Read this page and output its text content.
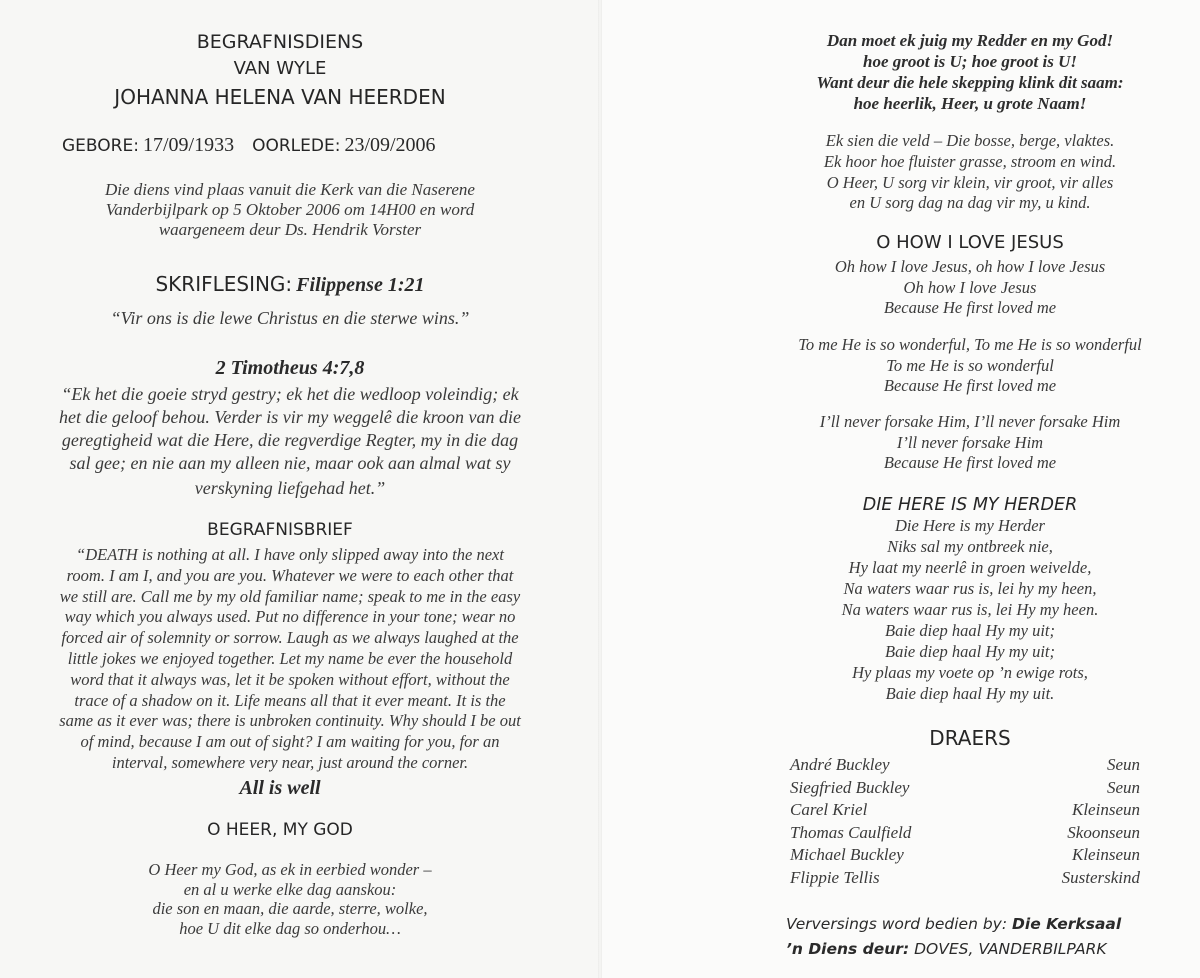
BEGRAFNISDIENS
VAN WYLE
JOHANNA HELENA VAN HEERDEN
GEBORE: 17/09/1933 OORLEDE: 23/09/2006
Die diens vind plaas vanuit die Kerk van die Naserene
Vanderbijlpark op 5 Oktober 2006 om 14H00 en word
waargeneem deur Ds. Hendrik Vorster
SKRIFLESING: Filippense 1:21
“Vir ons is die lewe Christus en die sterwe wins.”
2 Timotheus 4:7,8
“Ek het die goeie stryd gestry; ek het die wedloop voleindig; ek
het die geloof behou. Verder is vir my weggelê die kroon van die
geregtigheid wat die Here, die regverdige Regter, my in die dag
sal gee; en nie aan my alleen nie, maar ook aan almal wat sy
verskyning liefgehad het.”
BEGRAFNISBRIEF
“DEATH is nothing at all. I have only slipped away into the next
room. I am I, and you are you. Whatever we were to each other that
we still are. Call me by my old familiar name; speak to me in the easy
way which you always used. Put no difference in your tone; wear no
forced air of solemnity or sorrow. Laugh as we always laughed at the
little jokes we enjoyed together. Let my name be ever the household
word that it always was, let it be spoken without effort, without the
trace of a shadow on it. Life means all that it ever meant. It is the
same as it ever was; there is unbroken continuity. Why should I be out
of mind, because I am out of sight? I am waiting for you, for an
interval, somewhere very near, just around the corner.
All is well
O HEER, MY GOD
O Heer my God, as ek in eerbied wonder –
en al u werke elke dag aanskou:
die son en maan, die aarde, sterre, wolke,
hoe U dit elke dag so onderhou…
Dan moet ek juig my Redder en my God!
hoe groot is U; hoe groot is U!
Want deur die hele skepping klink dit saam:
hoe heerlik, Heer, u grote Naam!
Ek sien die veld – Die bosse, berge, vlaktes.
Ek hoor hoe fluister grasse, stroom en wind.
O Heer, U sorg vir klein, vir groot, vir alles
en U sorg dag na dag vir my, u kind.
O HOW I LOVE JESUS
Oh how I love Jesus, oh how I love Jesus
Oh how I love Jesus
Because He first loved me
To me He is so wonderful, To me He is so wonderful
To me He is so wonderful
Because He first loved me
I’ll never forsake Him, I’ll never forsake Him
I’ll never forsake Him
Because He first loved me
DIE HERE IS MY HERDER
Die Here is my Herder
Niks sal my ontbreek nie,
Hy laat my neerlê in groen weivelde,
Na waters waar rus is, lei hy my heen,
Na waters waar rus is, lei Hy my heen.
Baie diep haal Hy my uit;
Baie diep haal Hy my uit;
Hy plaas my voete op ’n ewige rots,
Baie diep haal Hy my uit.
DRAERS
André Buckley	Seun
Siegfried Buckley	Seun
Carel Kriel	Kleinseun
Thomas Caulfield	Skoonseun
Michael Buckley	Kleinseun
Flippie Tellis	Susterskind
Verversings word bedien by: Die Kerksaal
’n Diens deur: DOVES, VANDERBILPARK
